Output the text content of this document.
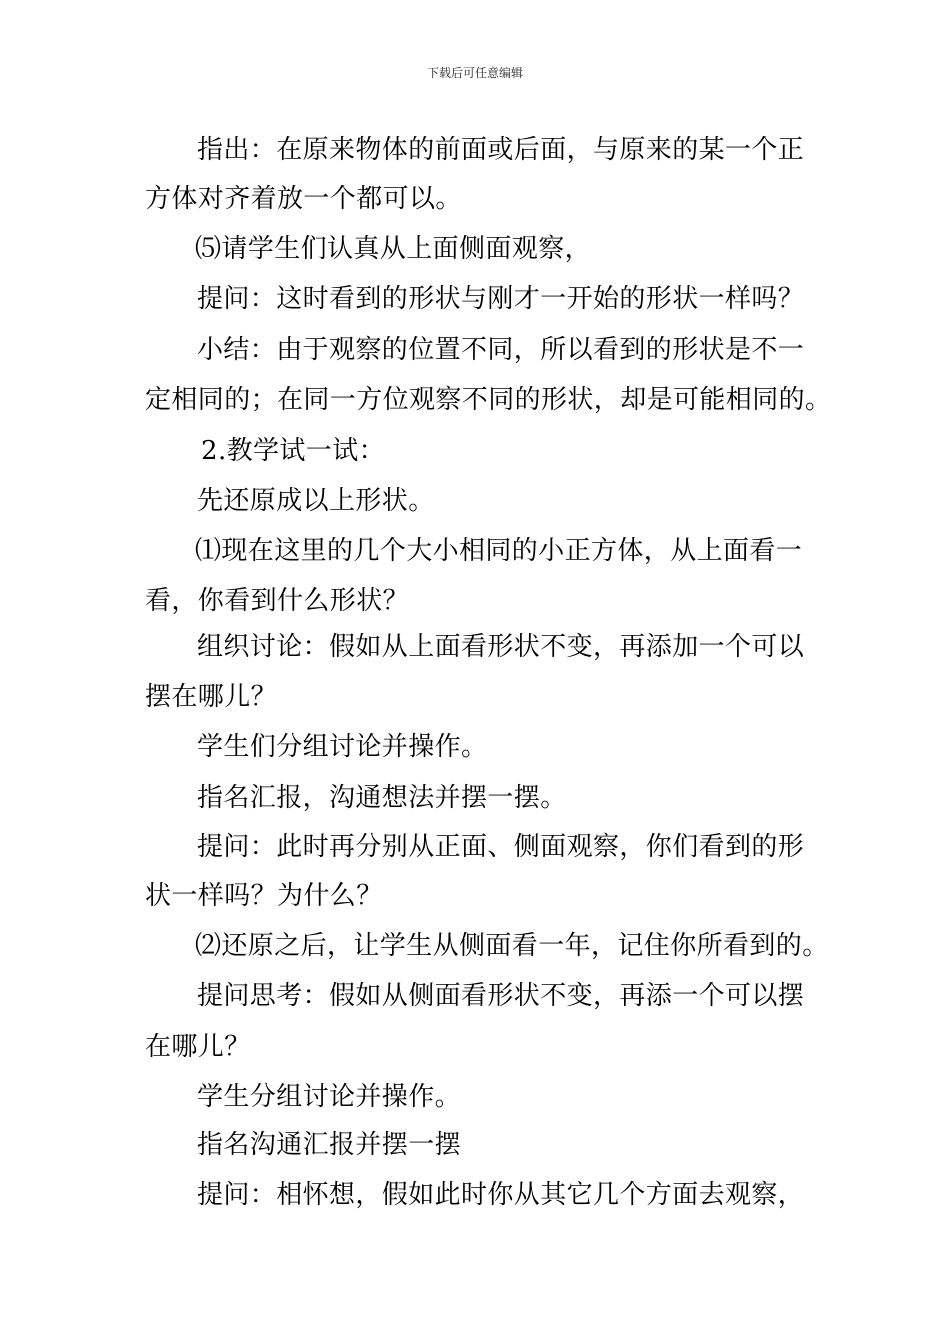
下载后可任意编辑
指出：在原来物体的前面或后面，与原来的某一个正
方体对齐着放一个都可以。
⑸请学生们认真从上面侧面观察，
提问：这时看到的形状与刚才一开始的形状一样吗？
小结：由于观察的位置不同，所以看到的形状是不一
定相同的；在同一方位观察不同的形状，却是可能相同的。
2.教学试一试：
先还原成以上形状。
⑴现在这里的几个大小相同的小正方体，从上面看一
看，你看到什么形状？
组织讨论：假如从上面看形状不变，再添加一个可以
摆在哪儿？
学生们分组讨论并操作。
指名汇报，沟通想法并摆一摆。
提问：此时再分别从正面、侧面观察，你们看到的形
状一样吗？为什么？
⑵还原之后，让学生从侧面看一年，记住你所看到的。
提问思考：假如从侧面看形状不变，再添一个可以摆
在哪儿？
学生分组讨论并操作。
指名沟通汇报并摆一摆
提问：相怀想，假如此时你从其它几个方面去观察，
